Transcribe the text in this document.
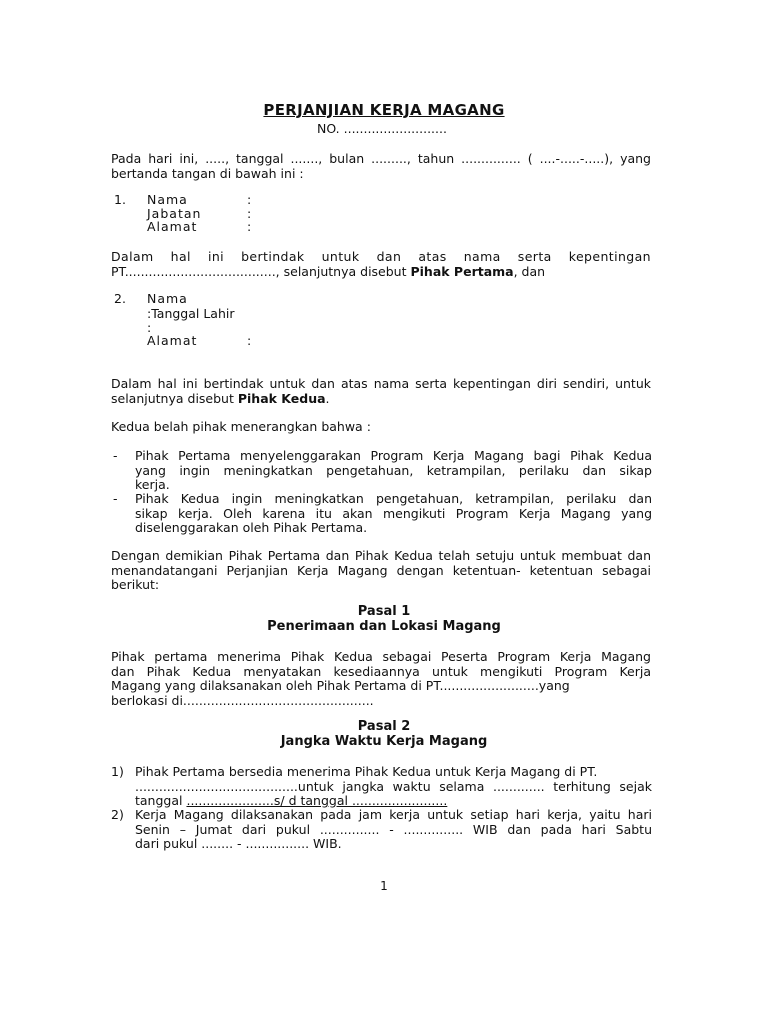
PERJANJIAN KERJA MAGANG
NO. ..........................
Pada hari ini, ....., tanggal ......., bulan ........., tahun ............... ( ....-.....-.....), yang
bertanda tangan di bawah ini :
1. Nama	:
Jabatan	:
Alamat	:
Dalam hal ini bertindak untuk dan atas nama serta kepentingan
PT......................................, selanjutnya disebut Pihak Pertama, dan
2. Nama
:Tanggal Lahir
:
Alamat	:
Dalam hal ini bertindak untuk dan atas nama serta kepentingan diri sendiri, untuk
selanjutnya disebut Pihak Kedua.
Kedua belah pihak menerangkan bahwa :
- Pihak Pertama menyelenggarakan Program Kerja Magang bagi Pihak Kedua
yang ingin meningkatkan pengetahuan, ketrampilan, perilaku dan sikap
kerja.
- Pihak Kedua ingin meningkatkan pengetahuan, ketrampilan, perilaku dan
sikap kerja. Oleh karena itu akan mengikuti Program Kerja Magang yang
diselenggarakan oleh Pihak Pertama.
Dengan demikian Pihak Pertama dan Pihak Kedua telah setuju untuk membuat dan
menandatangani Perjanjian Kerja Magang dengan ketentuan- ketentuan sebagai
berikut:
Pasal 1
Penerimaan dan Lokasi Magang
Pihak pertama menerima Pihak Kedua sebagai Peserta Program Kerja Magang
dan Pihak Kedua menyatakan kesediaannya untuk mengikuti Program Kerja
Magang yang dilaksanakan oleh Pihak Pertama di PT.........................yang
berlokasi di................................................
Pasal 2
Jangka Waktu Kerja Magang
1) Pihak Pertama bersedia menerima Pihak Kedua untuk Kerja Magang di PT.
.........................................untuk jangka waktu selama ............. terhitung sejak
tanggal ......................s/ d tanggal ........................
2) Kerja Magang dilaksanakan pada jam kerja untuk setiap hari kerja, yaitu hari
Senin – Jumat dari pukul ............... - ............... WIB dan pada hari Sabtu
dari pukul ........ - ................ WIB.
1
